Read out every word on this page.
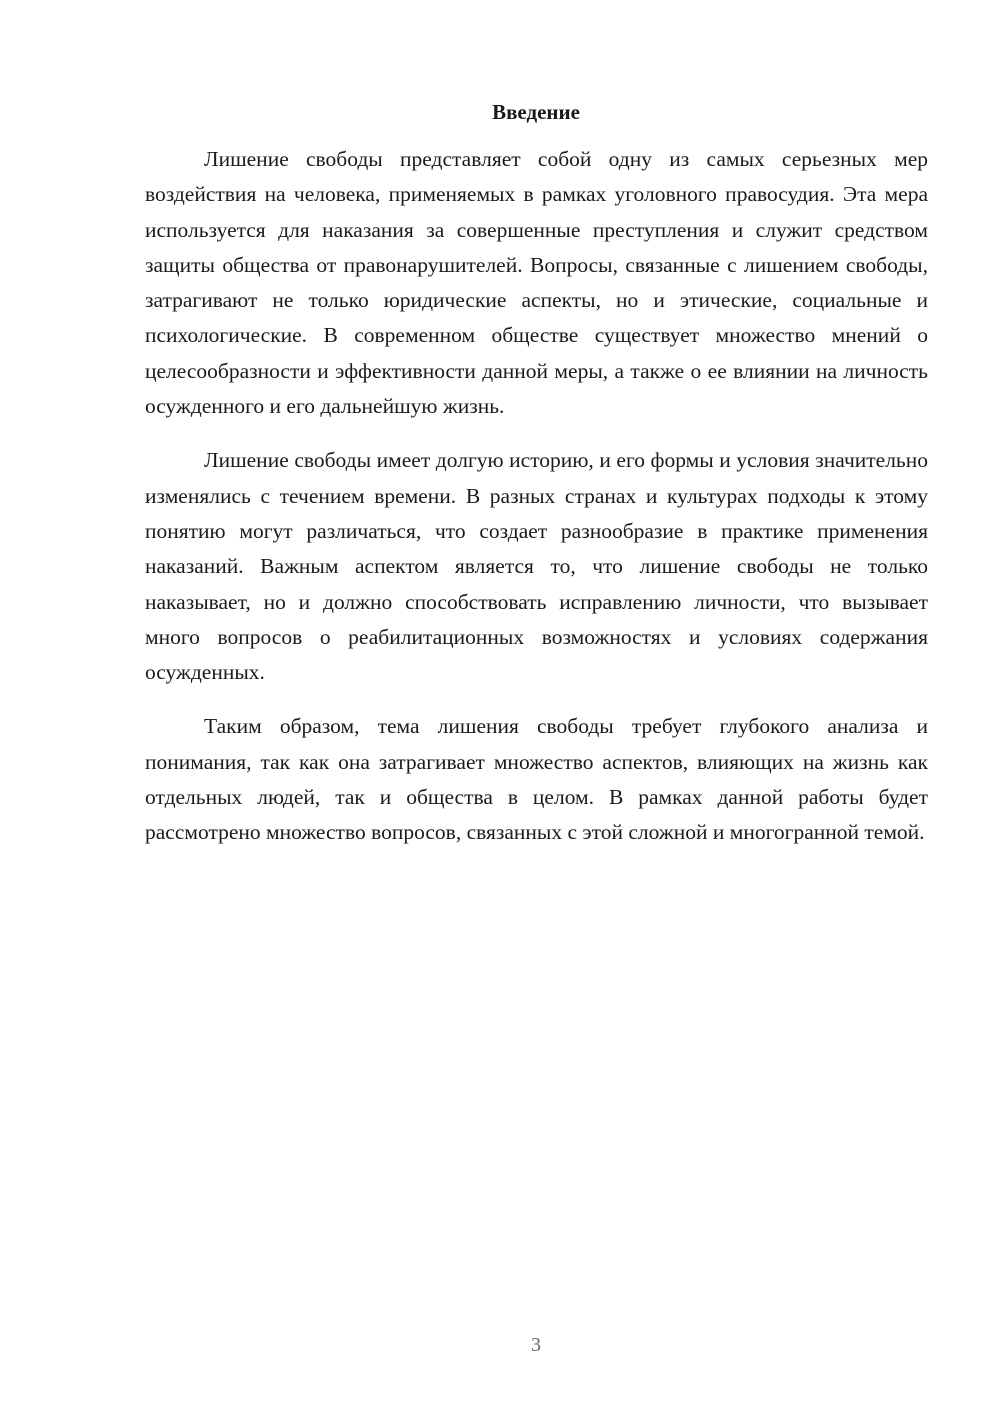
Введение

Лишение свободы представляет собой одну из самых серьезных мер воздействия на человека, применяемых в рамках уголовного правосудия. Эта мера используется для наказания за совершенные преступления и служит средством защиты общества от правонарушителей. Вопросы, связанные с лишением свободы, затрагивают не только юридические аспекты, но и этические, социальные и психологические. В современном обществе существует множество мнений о целесообразности и эффективности данной меры, а также о ее влиянии на личность осужденного и его дальнейшую жизнь.

Лишение свободы имеет долгую историю, и его формы и условия значительно изменялись с течением времени. В разных странах и культурах подходы к этому понятию могут различаться, что создает разнообразие в практике применения наказаний. Важным аспектом является то, что лишение свободы не только наказывает, но и должно способствовать исправлению личности, что вызывает много вопросов о реабилитационных возможностях и условиях содержания осужденных.

Таким образом, тема лишения свободы требует глубокого анализа и понимания, так как она затрагивает множество аспектов, влияющих на жизнь как отдельных людей, так и общества в целом. В рамках данной работы будет рассмотрено множество вопросов, связанных с этой сложной и многогранной темой.

3
